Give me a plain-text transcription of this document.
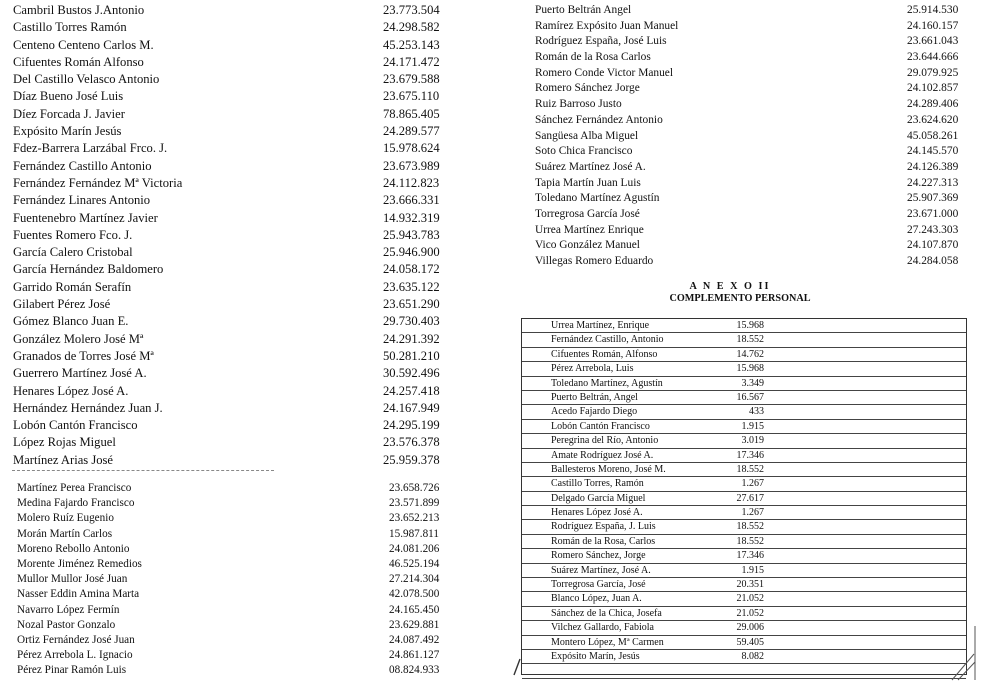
Cambril Bustos J.Antonio	23.773.504
Castillo Torres Ramón	24.298.582
Centeno Centeno Carlos M.	45.253.143
Cifuentes Román Alfonso	24.171.472
Del Castillo Velasco Antonio	23.679.588
Díaz Bueno José Luis	23.675.110
Díez Forcada J. Javier	78.865.405
Expósito Marín Jesús	24.289.577
Fdez-Barrera Larzábal Frco. J.	15.978.624
Fernández Castillo Antonio	23.673.989
Fernández Fernández Mª Victoria	24.112.823
Fernández Linares Antonio	23.666.331
Fuentenebro Martínez Javier	14.932.319
Fuentes Romero Fco. J.	25.943.783
García Calero Cristobal	25.946.900
García Hernández Baldomero	24.058.172
Garrido Román Serafín	23.635.122
Gilabert Pérez José	23.651.290
Gómez Blanco Juan E.	29.730.403
González Molero José Mª	24.291.392
Granados de Torres José Mª	50.281.210
Guerrero Martínez José A.	30.592.496
Henares López José A.	24.257.418
Hernández Hernández Juan J.	24.167.949
Lobón Cantón Francisco	24.295.199
López Rojas Miguel	23.576.378
Martínez Arias José	25.959.378
Martínez Perea Francisco	23.658.726
Medina Fajardo Francisco	23.571.899
Molero Ruíz Eugenio	23.652.213
Morán Martín Carlos	15.987.811
Moreno Rebollo Antonio	24.081.206
Morente Jiménez Remedios	46.525.194
Mullor Mullor José Juan	27.214.304
Nasser Eddin Amina Marta	42.078.500
Navarro López Fermín	24.165.450
Nozal Pastor Gonzalo	23.629.881
Ortiz Fernández José Juan	24.087.492
Pérez Arrebola L. Ignacio	24.861.127
Pérez Pinar Ramón Luis	08.824.933
Puerto Beltrán Angel	25.914.530
Ramírez Expósito Juan Manuel	24.160.157
Rodríguez España, José Luis	23.661.043
Román de la Rosa Carlos	23.644.666
Romero Conde Victor Manuel	29.079.925
Romero Sánchez Jorge	24.102.857
Ruiz Barroso Justo	24.289.406
Sánchez Fernández Antonio	23.624.620
Sangüesa Alba Miguel	45.058.261
Soto Chica Francisco	24.145.570
Suárez Martínez José A.	24.126.389
Tapia Martín Juan Luis	24.227.313
Toledano Martínez Agustín	25.907.369
Torregrosa García José	23.671.000
Urrea Martínez Enrique	27.243.303
Vico González Manuel	24.107.870
Villegas Romero Eduardo	24.284.058
A N E X O II
COMPLEMENTO PERSONAL
Urrea Martínez, Enrique	15.968
Fernández Castillo, Antonio	18.552
Cifuentes Román, Alfonso	14.762
Pérez Arrebola, Luis	15.968
Toledano Martínez, Agustín	3.349
Puerto Beltrán, Angel	16.567
Acedo Fajardo Diego	433
Lobón Cantón Francisco	1.915
Peregrina del Río, Antonio	3.019
Amate Rodríguez José A.	17.346
Ballesteros Moreno, José M.	18.552
Castillo Torres, Ramón	1.267
Delgado García Miguel	27.617
Henares López José A.	1.267
Rodríguez España, J. Luis	18.552
Román de la Rosa, Carlos	18.552
Romero Sánchez, Jorge	17.346
Suárez Martínez, José A.	1.915
Torregrosa García, José	20.351
Blanco López, Juan A.	21.052
Sánchez de la Chica, Josefa	21.052
Vilchez Gallardo, Fabiola	29.006
Montero López, Mª Carmen	59.405
Expósito Marín, Jesús	8.082
